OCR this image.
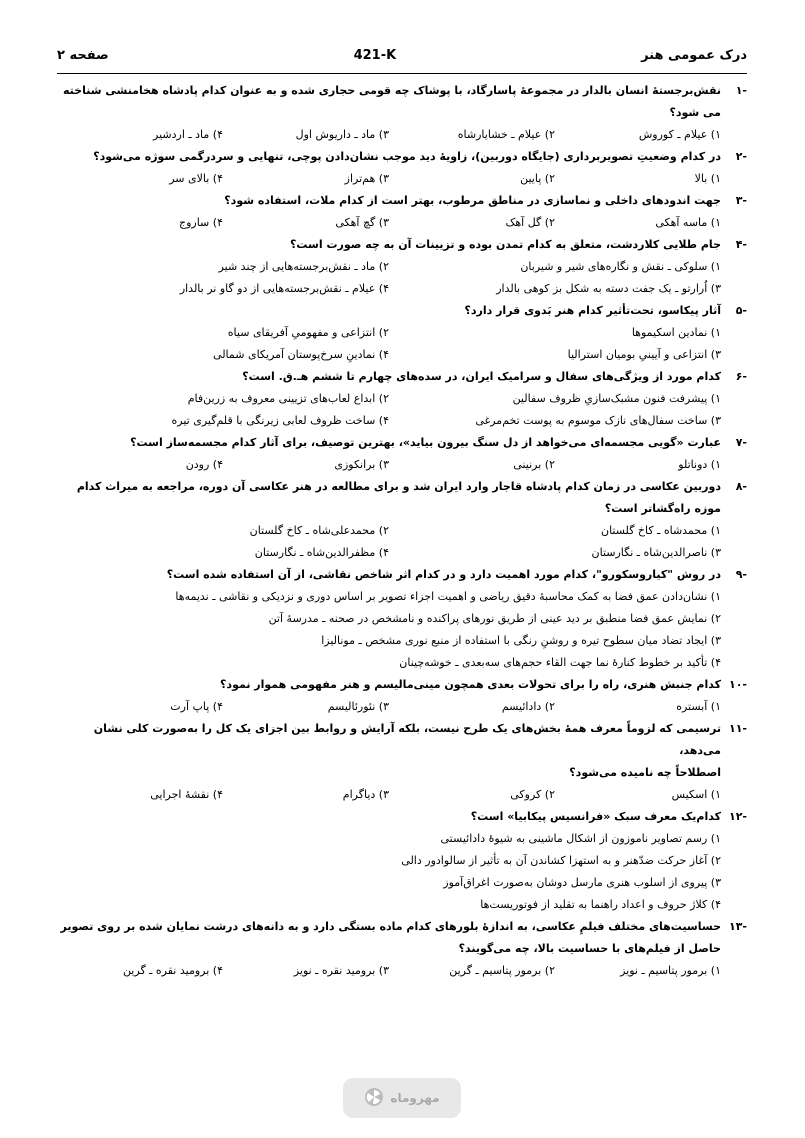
درک عمومی هنر
421-K
صفحه ۲
-۱
نقش‌برجستۀ انسان بالدار در مجموعۀ پاسارگاد، با پوشاک چه قومی حجاری شده و به عنوان کدام پادشاه هخامنشی شناخته می شود؟
۱) عیلام ـ کوروش
۲) عیلام ـ خشایارشاه
۳) ماد ـ داریوش اول
۴) ماد ـ اردشیر
-۲
در کدام وضعیتِ تصویربرداری (جایگاه دوربین)، زاویۀ دید موجب نشان‌دادن پوچی، تنهایی و سردرگمی سوژه می‌شود؟
۱) بالا
۲) پایین
۳) هم‌تراز
۴) بالای سر
-۳
جهت اندودهای داخلی و نماسازی در مناطق مرطوب، بهتر است از کدام ملات، استفاده شود؟
۱) ماسه آهکی
۲) گل آهک
۳) گچ آهکی
۴) ساروج
-۴
جام طلایی کلاردشت، متعلق به کدام تمدن بوده و تزیینات آن به چه صورت است؟
۱) سلوکی ـ نقش و نگاره‌های شیر و شیربان
۲) ماد ـ نقش‌برجسته‌هایی از چند شیر
۳) اُرارتو ـ یک جفت دسته به شکل بز کوهی بالدار
۴) عیلام ـ نقش‌برجسته‌هایی از دو گاو نر بالدار
-۵
آثار پیکاسو، تحت‌تأثیر کدام هنر بَدوی قرار دارد؟
۱) نمادین اسکیموها
۲) انتزاعی و مفهومیِ آفریقای سیاه
۳) انتزاعی و آیینیِ بومیان استرالیا
۴) نمادینِ سرخ‌پوستان آمریکای شمالی
-۶
کدام مورد از ویژگی‌های سفال و سرامیک ایران، در سده‌های چهارم تا ششم هـ.ق. است؟
۱) پیشرفت فنون مشبک‌سازیِ ظروف سفالین
۲) ابداع لعاب‌های تزیینی معروف به زرین‌فام
۳) ساخت سفال‌های نازک موسوم به پوست تخم‌مرغی
۴) ساخت ظروف لعابی زیرنگی با قلم‌گیری تیره
-۷
عبارت «گویی مجسمه‌ای می‌خواهد از دل سنگ بیرون بیاید»، بهترین توصیف، برای آثار کدام مجسمه‌ساز است؟
۱) دوناتلو
۲) برنینی
۳) برانکوزی
۴) رودن
-۸
دوربین عکاسی در زمان کدام پادشاه قاجار وارد ایران شد و برای مطالعه در هنر عکاسی آن دوره، مراجعه به میراث کدام موزه راه‌گشاتر است؟
۱) محمدشاه ـ کاخ گلستان
۲) محمدعلی‌شاه ـ کاخ گلستان
۳) ناصرالدین‌شاه ـ نگارستان
۴) مظفرالدین‌شاه ـ نگارستان
-۹
در روش "کیاروسکورو"، کدام مورد اهمیت دارد و در کدام اثر شاخص نقاشی، از آن استفاده شده است؟
۱) نشان‌دادن عمق فضا به کمک محاسبۀ دقیق ریاضی و اهمیت اجزاء تصویر بر اساس دوری و نزدیکی و نقاشی ـ ندیمه‌ها
۲) نمایش عمق فضا منطبق بر دید عینی از طریق نورهای پراکنده و نامشخص در صحنه ـ مدرسۀ آتن
۳) ایجاد تضاد میان سطوح تیره و روشنِ رنگی با استفاده از منبع نوری مشخص ـ مونالیزا
۴) تأکید بر خطوط کنارۀ نما جهت القاء حجم‌های سه‌بعدی ـ خوشه‌چینان
-۱۰
کدام جنبش هنری، راه را برای تحولات بعدی همچون مینی‌مالیسم و هنر مفهومی هموار نمود؟
۱) آبستره
۲) دادائیسم
۳) نئورئالیسم
۴) پاپ آرت
-۱۱
ترسیمی که لزوماً معرف همۀ بخش‌های یک طرح نیست، بلکه آرایش و روابط بین اجزای یک کل را به‌صورت کلی نشان می‌دهد،
اصطلاحاً چه نامیده می‌شود؟
۱) اسکیس
۲) کروکی
۳) دیاگرام
۴) نقشۀ اجرایی
-۱۲
کدام‌یک معرف سبک «فرانسیس پیکابیا» است؟
۱) رسم تصاویر ناموزون از اشکال ماشینی به شیوۀ دادائیستی
۲) آغاز حرکت ضدّهنر و به استهزا کشاندن آن به تأثیر از سالوادور دالی
۳) پیروی از اسلوب هنری مارسل دوشان به‌صورت اغراق‌آموز
۴) کلاژ حروف و اعداد راهنما به تقلید از فوتوریست‌ها
-۱۳
حساسیت‌های مختلف فیلمِ عکاسی، به اندازۀ بلورهای کدام ماده بستگی دارد و به دانه‌های درشت نمایان شده بر روی تصویر
حاصل از فیلم‌های با حساسیت بالا، چه می‌گویند؟
۱) برمور پتاسیم ـ نویز
۲) برمور پتاسیم ـ گرین
۳) برومید نقره ـ نویز
۴) برومید نقره ـ گرین
مهروماه
